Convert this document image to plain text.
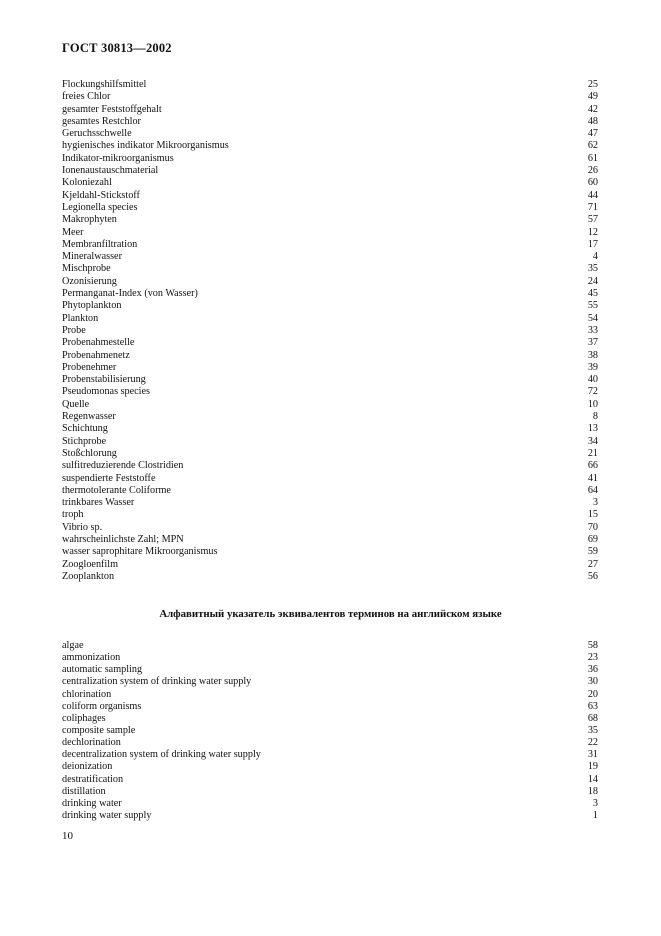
ГОСТ 30813—2002
Flockungshilfsmittel	25
freies Chlor	49
gesamter Feststoffgehalt	42
gesamtes Restchlor	48
Geruchsschwelle	47
hygienisches indikator Mikroorganismus	62
Indikator-mikroorganismus	61
Ionenaustauschmaterial	26
Koloniezahl	60
Kjeldahl-Stickstoff	44
Legionella species	71
Makrophyten	57
Meer	12
Membranfiltration	17
Mineralwasser	4
Mischprobe	35
Ozonisierung	24
Permanganat-Index (von Wasser)	45
Phytoplankton	55
Plankton	54
Probe	33
Probenahmestelle	37
Probenahmenetz	38
Probenehmer	39
Probenstabilisierung	40
Pseudomonas species	72
Quelle	10
Regenwasser	8
Schichtung	13
Stichprobe	34
Stoßchlorung	21
sulfitreduzierende Clostridien	66
suspendierte Feststoffe	41
thermotolerante Coliforme	64
trinkbares Wasser	3
troph	15
Vibrio sp.	70
wahrscheinlichste Zahl; MPN	69
wasser saprophitare Mikroorganismus	59
Zoogloenfilm	27
Zooplankton	56
Алфавитный указатель эквивалентов терминов на английском языке
algae	58
ammonization	23
automatic sampling	36
centralization system of drinking water supply	30
chlorination	20
coliform organisms	63
coliphages	68
composite sample	35
dechlorination	22
decentralization system of drinking water supply	31
deionization	19
destratification	14
distillation	18
drinking water	3
drinking water supply	1
10
